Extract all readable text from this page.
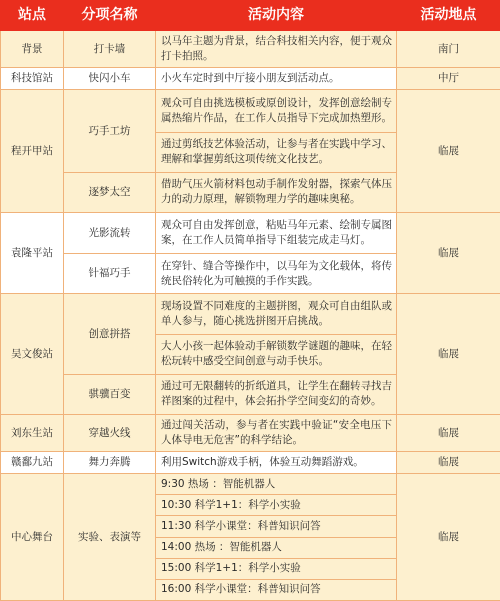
站点	分项名称	活动内容	活动地点
背景	打卡墙	以马年主题为背景，结合科技相关内容，便于观众打卡拍照。	南门
科技馆站	快闪小车	小火车定时到中厅接小朋友到活动点。	中厅
程开甲站	巧手工坊	观众可自由挑选模板或原创设计，发挥创意绘制专属热缩片作品，在工作人员指导下完成加热塑形。	临展
		通过剪纸技艺体验活动，让参与者在实践中学习、理解和掌握剪纸这项传统文化技艺。	
	逐梦太空	借助气压火箭材料包动手制作发射器，探索气体压力的动力原理，解锁物理力学的趣味奥秘。	
袁隆平站	光影流转	观众可自由发挥创意，粘贴马年元素、绘制专属图案，在工作人员简单指导下组装完成走马灯。	临展
	针福巧手	在穿针、缝合等操作中，以马年为文化载体，将传统民俗转化为可触摸的手作实践。	
吴文俊站	创意拼搭	现场设置不同难度的主题拼图，观众可自由组队或单人参与，随心挑选拼图开启挑战。	临展
		大人小孩一起体验动手解锁数学谜题的趣味，在轻松玩转中感受空间创意与动手快乐。	
	骐骥百变	通过可无限翻转的折纸道具，让学生在翻转寻找吉祥图案的过程中，体会拓扑学空间变幻的奇妙。	
刘东生站	穿越火线	通过闯关活动，参与者在实践中验证“安全电压下人体导电无危害”的科学结论。	临展
赣鄱九站	舞力奔腾	利用Switch游戏手柄，体验互动舞蹈游戏。	临展
中心舞台	实验、表演等	9:30 热场 ：智能机器人	临展
		10:30 科学1+1：科学小实验	
		11:30 科学小课堂：科普知识问答	
		14:00 热场 ：智能机器人	
		15:00 科学1+1：科学小实验	
		16:00 科学小课堂：科普知识问答	
